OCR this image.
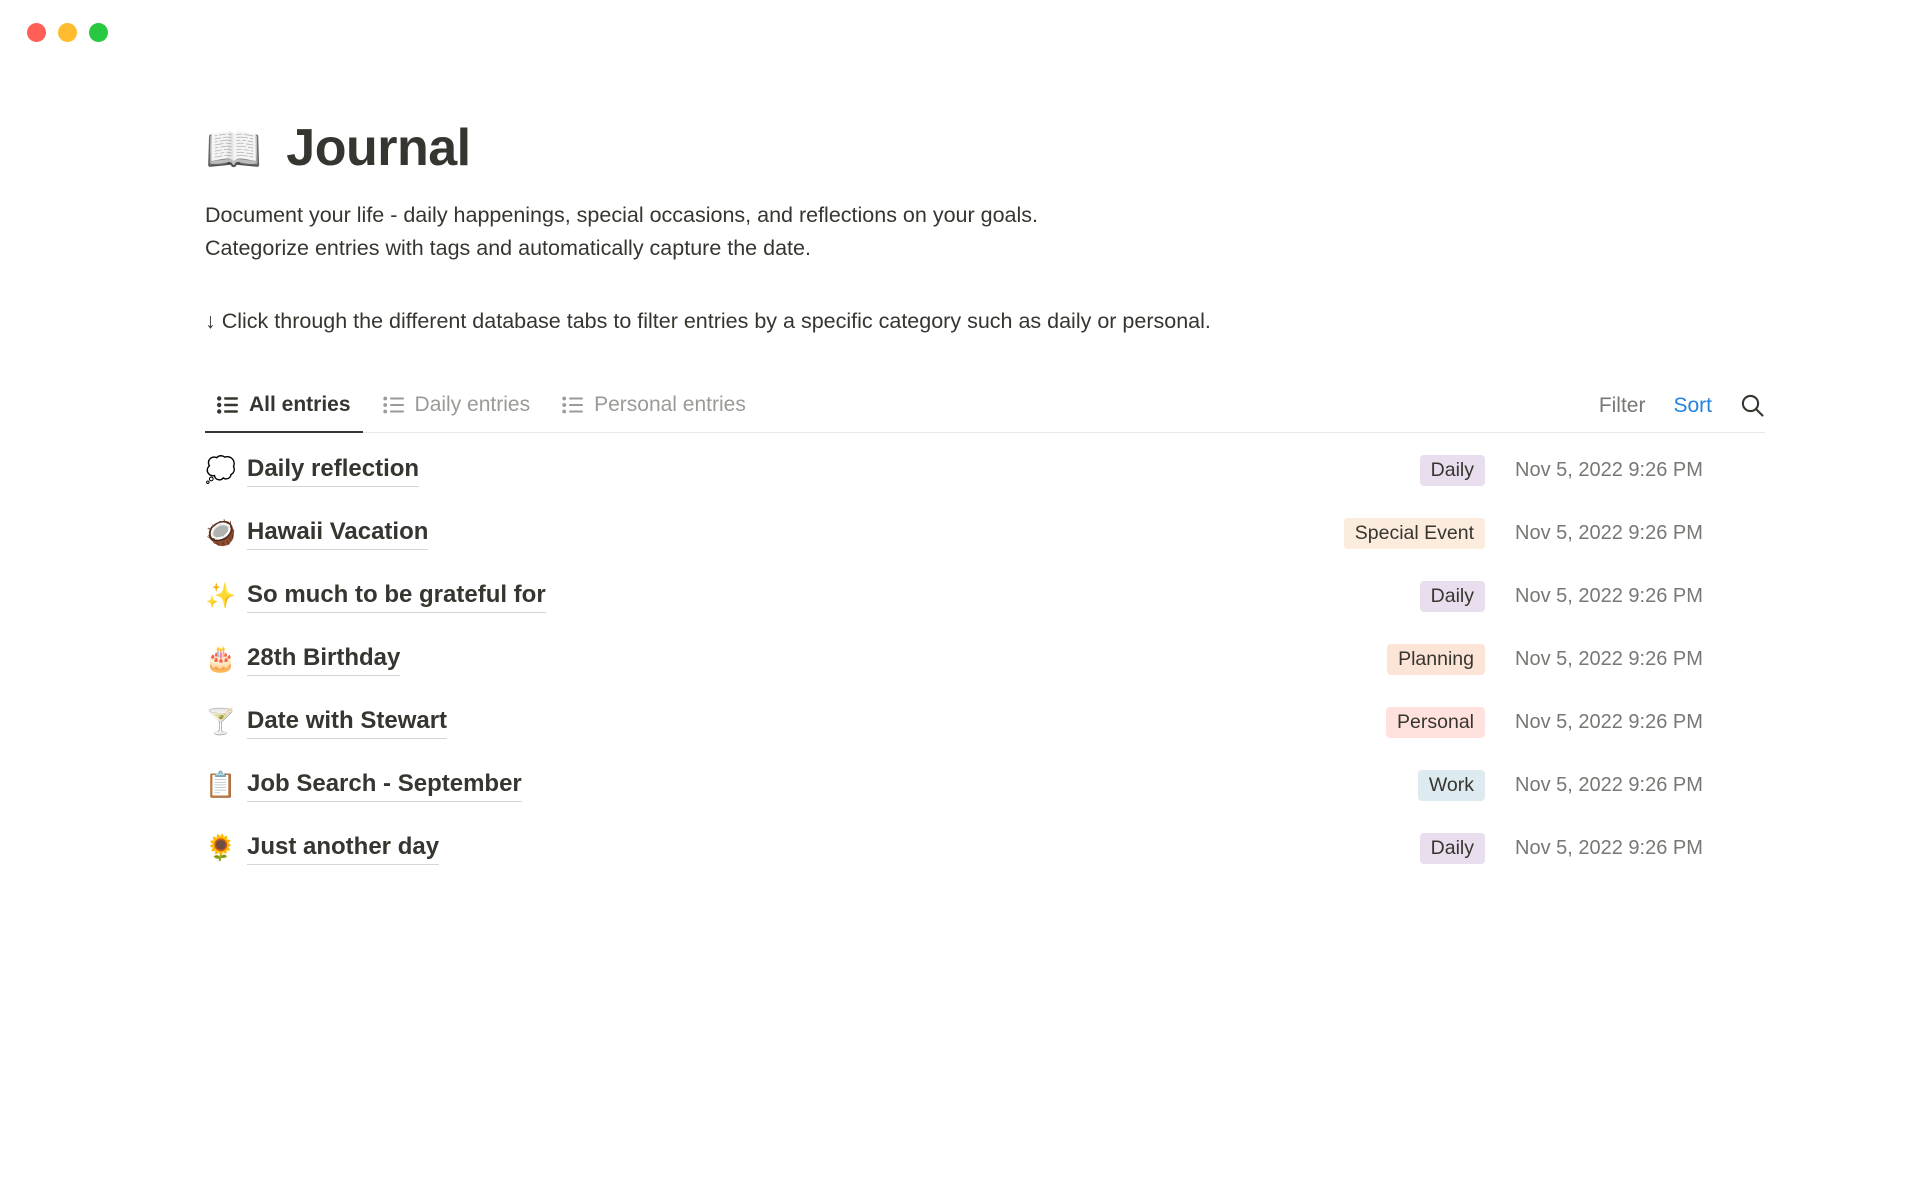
📖 Journal
Document your life - daily happenings, special occasions, and reflections on your goals.
Categorize entries with tags and automatically capture the date.
↓ Click through the different database tabs to filter entries by a specific category such as daily or personal.
All entries	Daily entries	Personal entries	Filter Sort
💭 Daily reflection	Daily	Nov 5, 2022 9:26 PM
🥥 Hawaii Vacation	Special Event	Nov 5, 2022 9:26 PM
✨ So much to be grateful for	Daily	Nov 5, 2022 9:26 PM
🎂 28th Birthday	Planning	Nov 5, 2022 9:26 PM
🍸 Date with Stewart	Personal	Nov 5, 2022 9:26 PM
📋 Job Search - September	Work	Nov 5, 2022 9:26 PM
🌻 Just another day	Daily	Nov 5, 2022 9:26 PM
